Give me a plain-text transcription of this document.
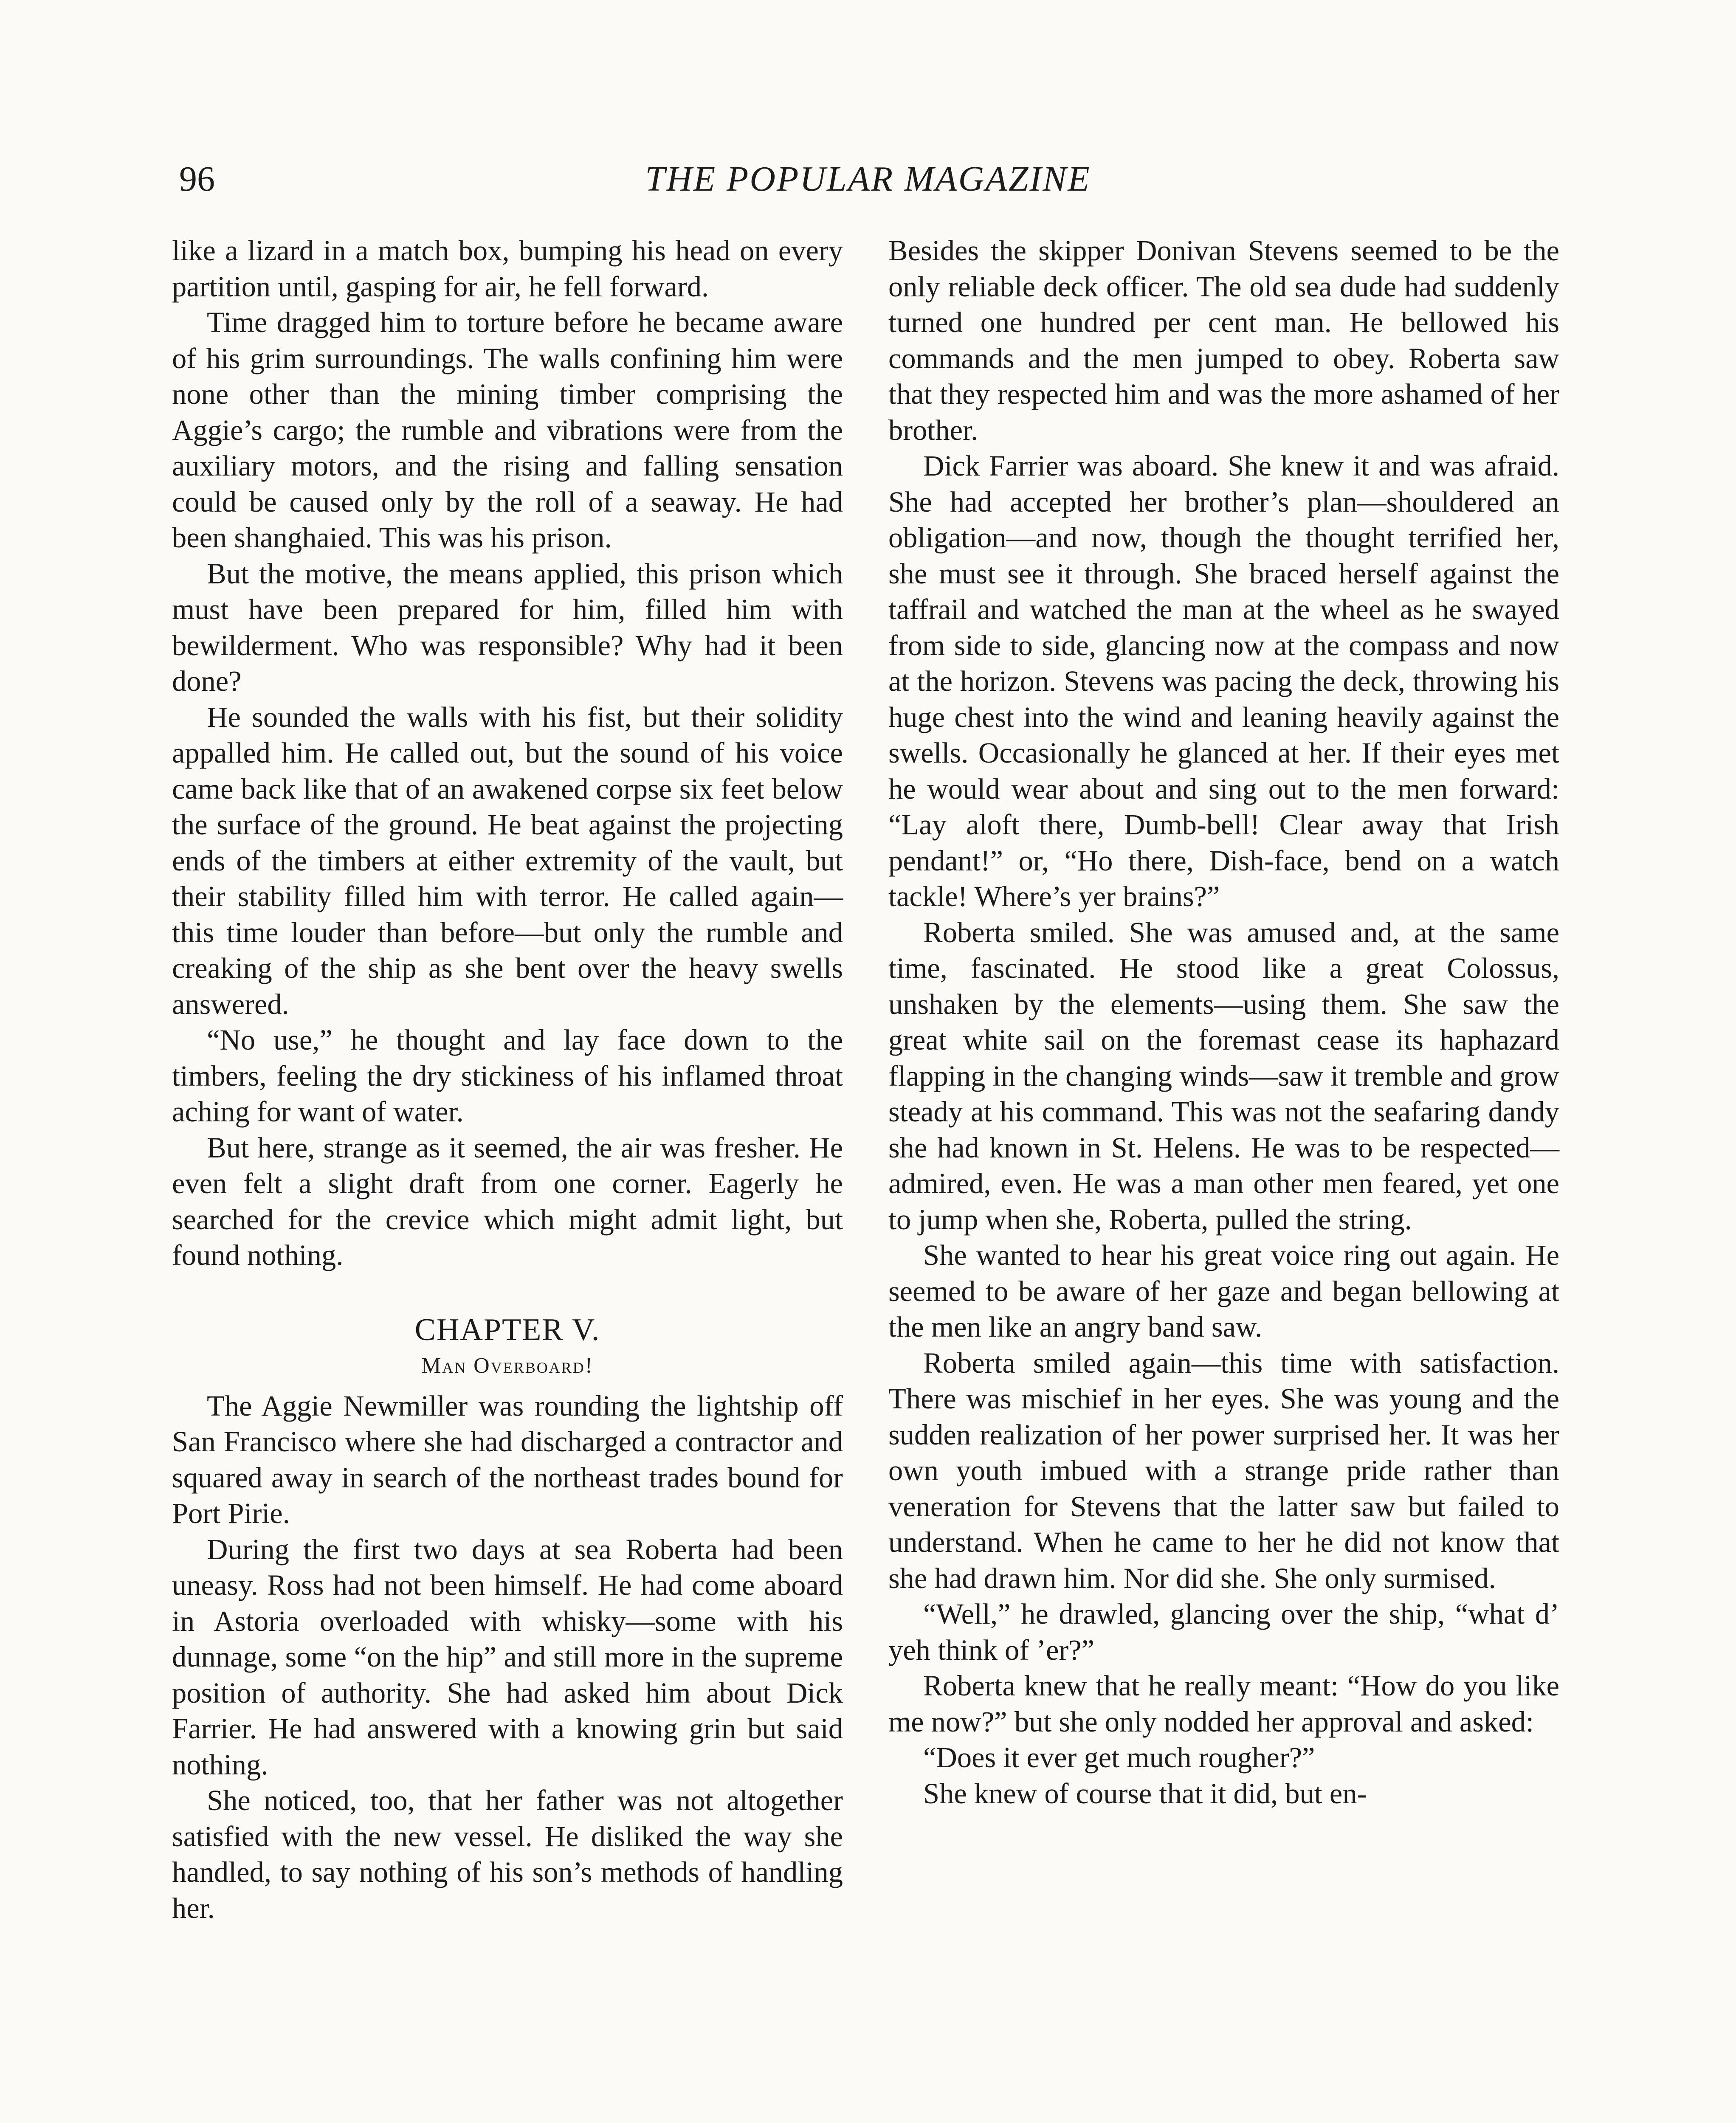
96	THE POPULAR MAGAZINE

like a lizard in a match box, bumping his head on every partition until, gasping for air, he fell forward.

Time dragged him to torture before he became aware of his grim surroundings. The walls confining him were none other than the mining timber comprising the Aggie’s cargo; the rumble and vibrations were from the auxiliary motors, and the rising and falling sensation could be caused only by the roll of a seaway. He had been shanghaied. This was his prison.

But the motive, the means applied, this prison which must have been prepared for him, filled him with bewilderment. Who was responsible? Why had it been done?

He sounded the walls with his fist, but their solidity appalled him. He called out, but the sound of his voice came back like that of an awakened corpse six feet below the surface of the ground. He beat against the projecting ends of the timbers at either extremity of the vault, but their stability filled him with terror. He called again—this time louder than before—but only the rumble and creaking of the ship as she bent over the heavy swells answered.

“No use,” he thought and lay face down to the timbers, feeling the dry stickiness of his inflamed throat aching for want of water.

But here, strange as it seemed, the air was fresher. He even felt a slight draft from one corner. Eagerly he searched for the crevice which might admit light, but found nothing.

CHAPTER V.
Man Overboard!

The Aggie Newmiller was rounding the lightship off San Francisco where she had discharged a contractor and squared away in search of the northeast trades bound for Port Pirie.

During the first two days at sea Roberta had been uneasy. Ross had not been himself. He had come aboard in Astoria overloaded with whisky—some with his dunnage, some “on the hip” and still more in the supreme position of authority. She had asked him about Dick Farrier. He had answered with a knowing grin but said nothing.

She noticed, too, that her father was not altogether satisfied with the new vessel. He disliked the way she handled, to say nothing of his son’s methods of handling her.

Besides the skipper Donivan Stevens seemed to be the only reliable deck officer. The old sea dude had suddenly turned one hundred per cent man. He bellowed his commands and the men jumped to obey. Roberta saw that they respected him and was the more ashamed of her brother.

Dick Farrier was aboard. She knew it and was afraid. She had accepted her brother’s plan—shouldered an obligation—and now, though the thought terrified her, she must see it through. She braced herself against the taffrail and watched the man at the wheel as he swayed from side to side, glancing now at the compass and now at the horizon. Stevens was pacing the deck, throwing his huge chest into the wind and leaning heavily against the swells. Occasionally he glanced at her. If their eyes met he would wear about and sing out to the men forward: “Lay aloft there, Dumb-bell! Clear away that Irish pendant!” or, “Ho there, Dish-face, bend on a watch tackle! Where’s yer brains?”

Roberta smiled. She was amused and, at the same time, fascinated. He stood like a great Colossus, unshaken by the elements—using them. She saw the great white sail on the foremast cease its haphazard flapping in the changing winds—saw it tremble and grow steady at his command. This was not the seafaring dandy she had known in St. Helens. He was to be respected—admired, even. He was a man other men feared, yet one to jump when she, Roberta, pulled the string.

She wanted to hear his great voice ring out again. He seemed to be aware of her gaze and began bellowing at the men like an angry band saw.

Roberta smiled again—this time with satisfaction. There was mischief in her eyes. She was young and the sudden realization of her power surprised her. It was her own youth imbued with a strange pride rather than veneration for Stevens that the latter saw but failed to understand. When he came to her he did not know that she had drawn him. Nor did she. She only surmised.

“Well,” he drawled, glancing over the ship, “what d’ yeh think of ’er?”

Roberta knew that he really meant: “How do you like me now?” but she only nodded her approval and asked:

“Does it ever get much rougher?”

She knew of course that it did, but en-
